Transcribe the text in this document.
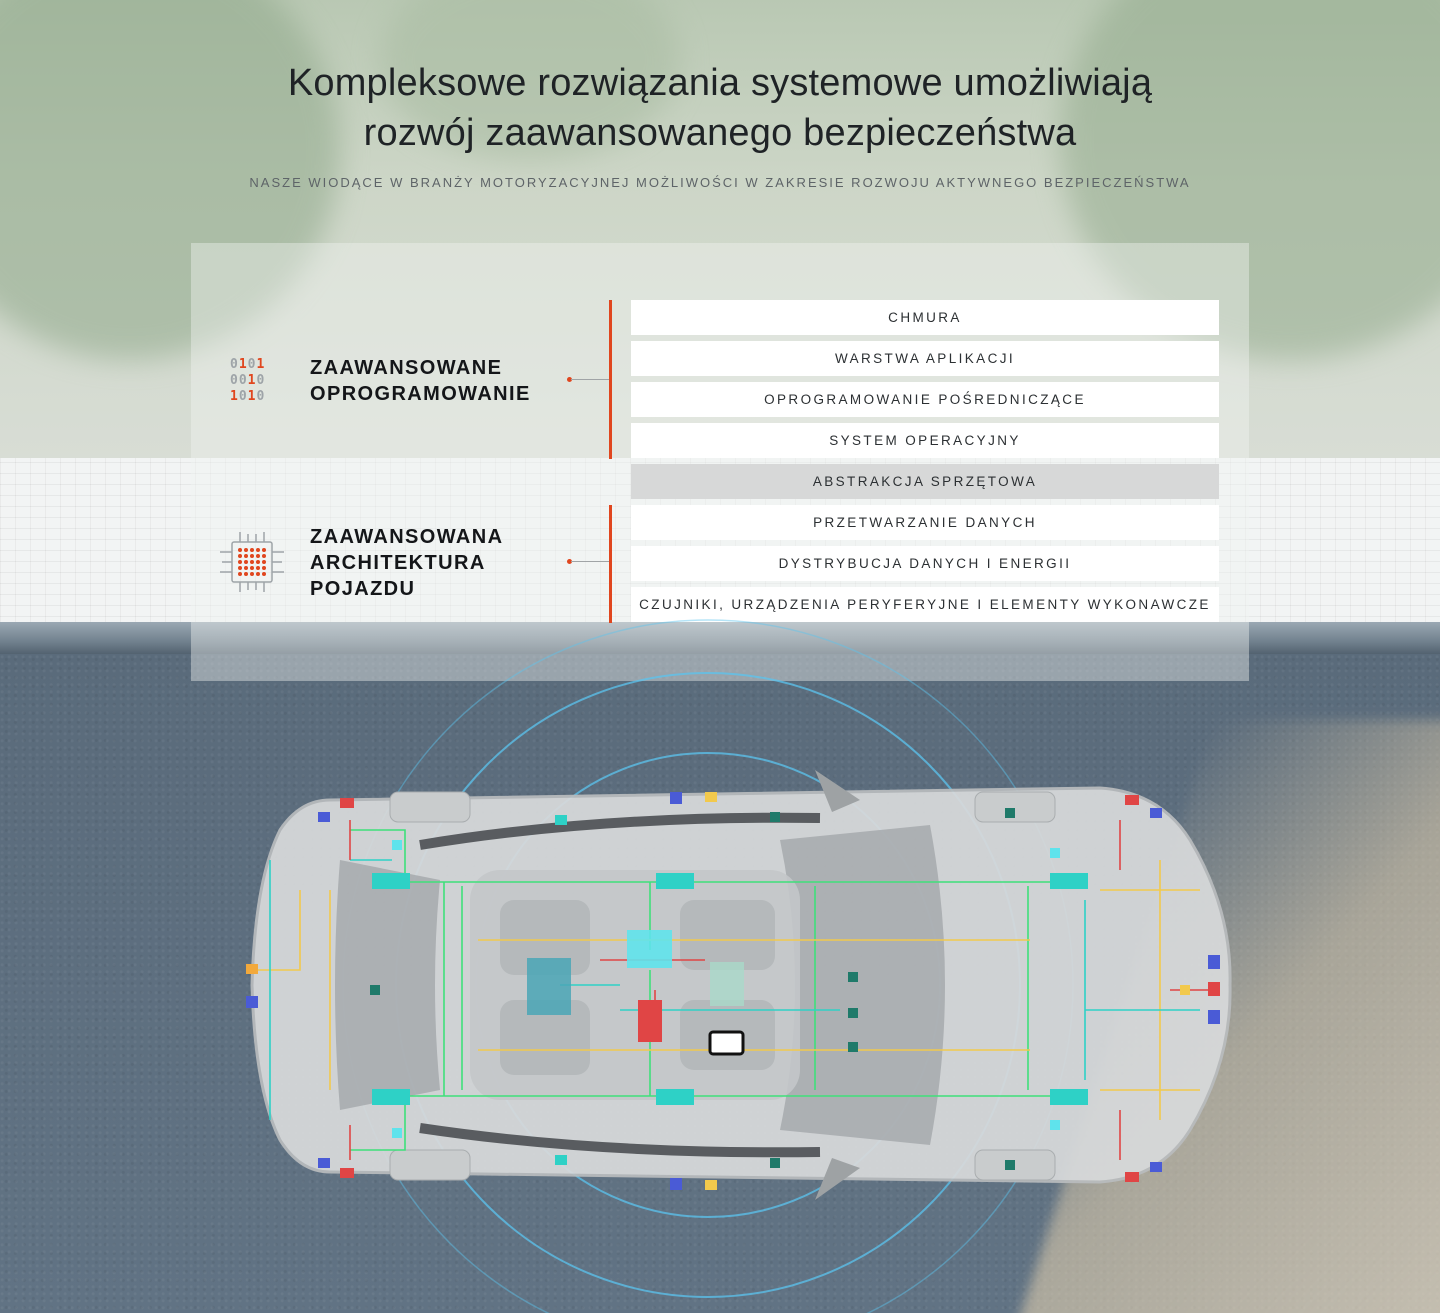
Kompleksowe rozwiązania systemowe umożliwiają
rozwój zaawansowanego bezpieczeństwa
NASZE WIODĄCE W BRANŻY MOTORYZACYJNEJ MOŻLIWOŚCI W ZAKRESIE ROZWOJU AKTYWNEGO BEZPIECZEŃSTWA
0101
0010
1010
ZAAWANSOWANE
OPROGRAMOWANIE
ZAAWANSOWANA
ARCHITEKTURA
POJAZDU
CHMURA
WARSTWA APLIKACJI
OPROGRAMOWANIE POŚREDNICZĄCE
SYSTEM OPERACYJNY
ABSTRAKCJA SPRZĘTOWA
PRZETWARZANIE DANYCH
DYSTRYBUCJA DANYCH I ENERGII
CZUJNIKI, URZĄDZENIA PERYFERYJNE I ELEMENTY WYKONAWCZE
